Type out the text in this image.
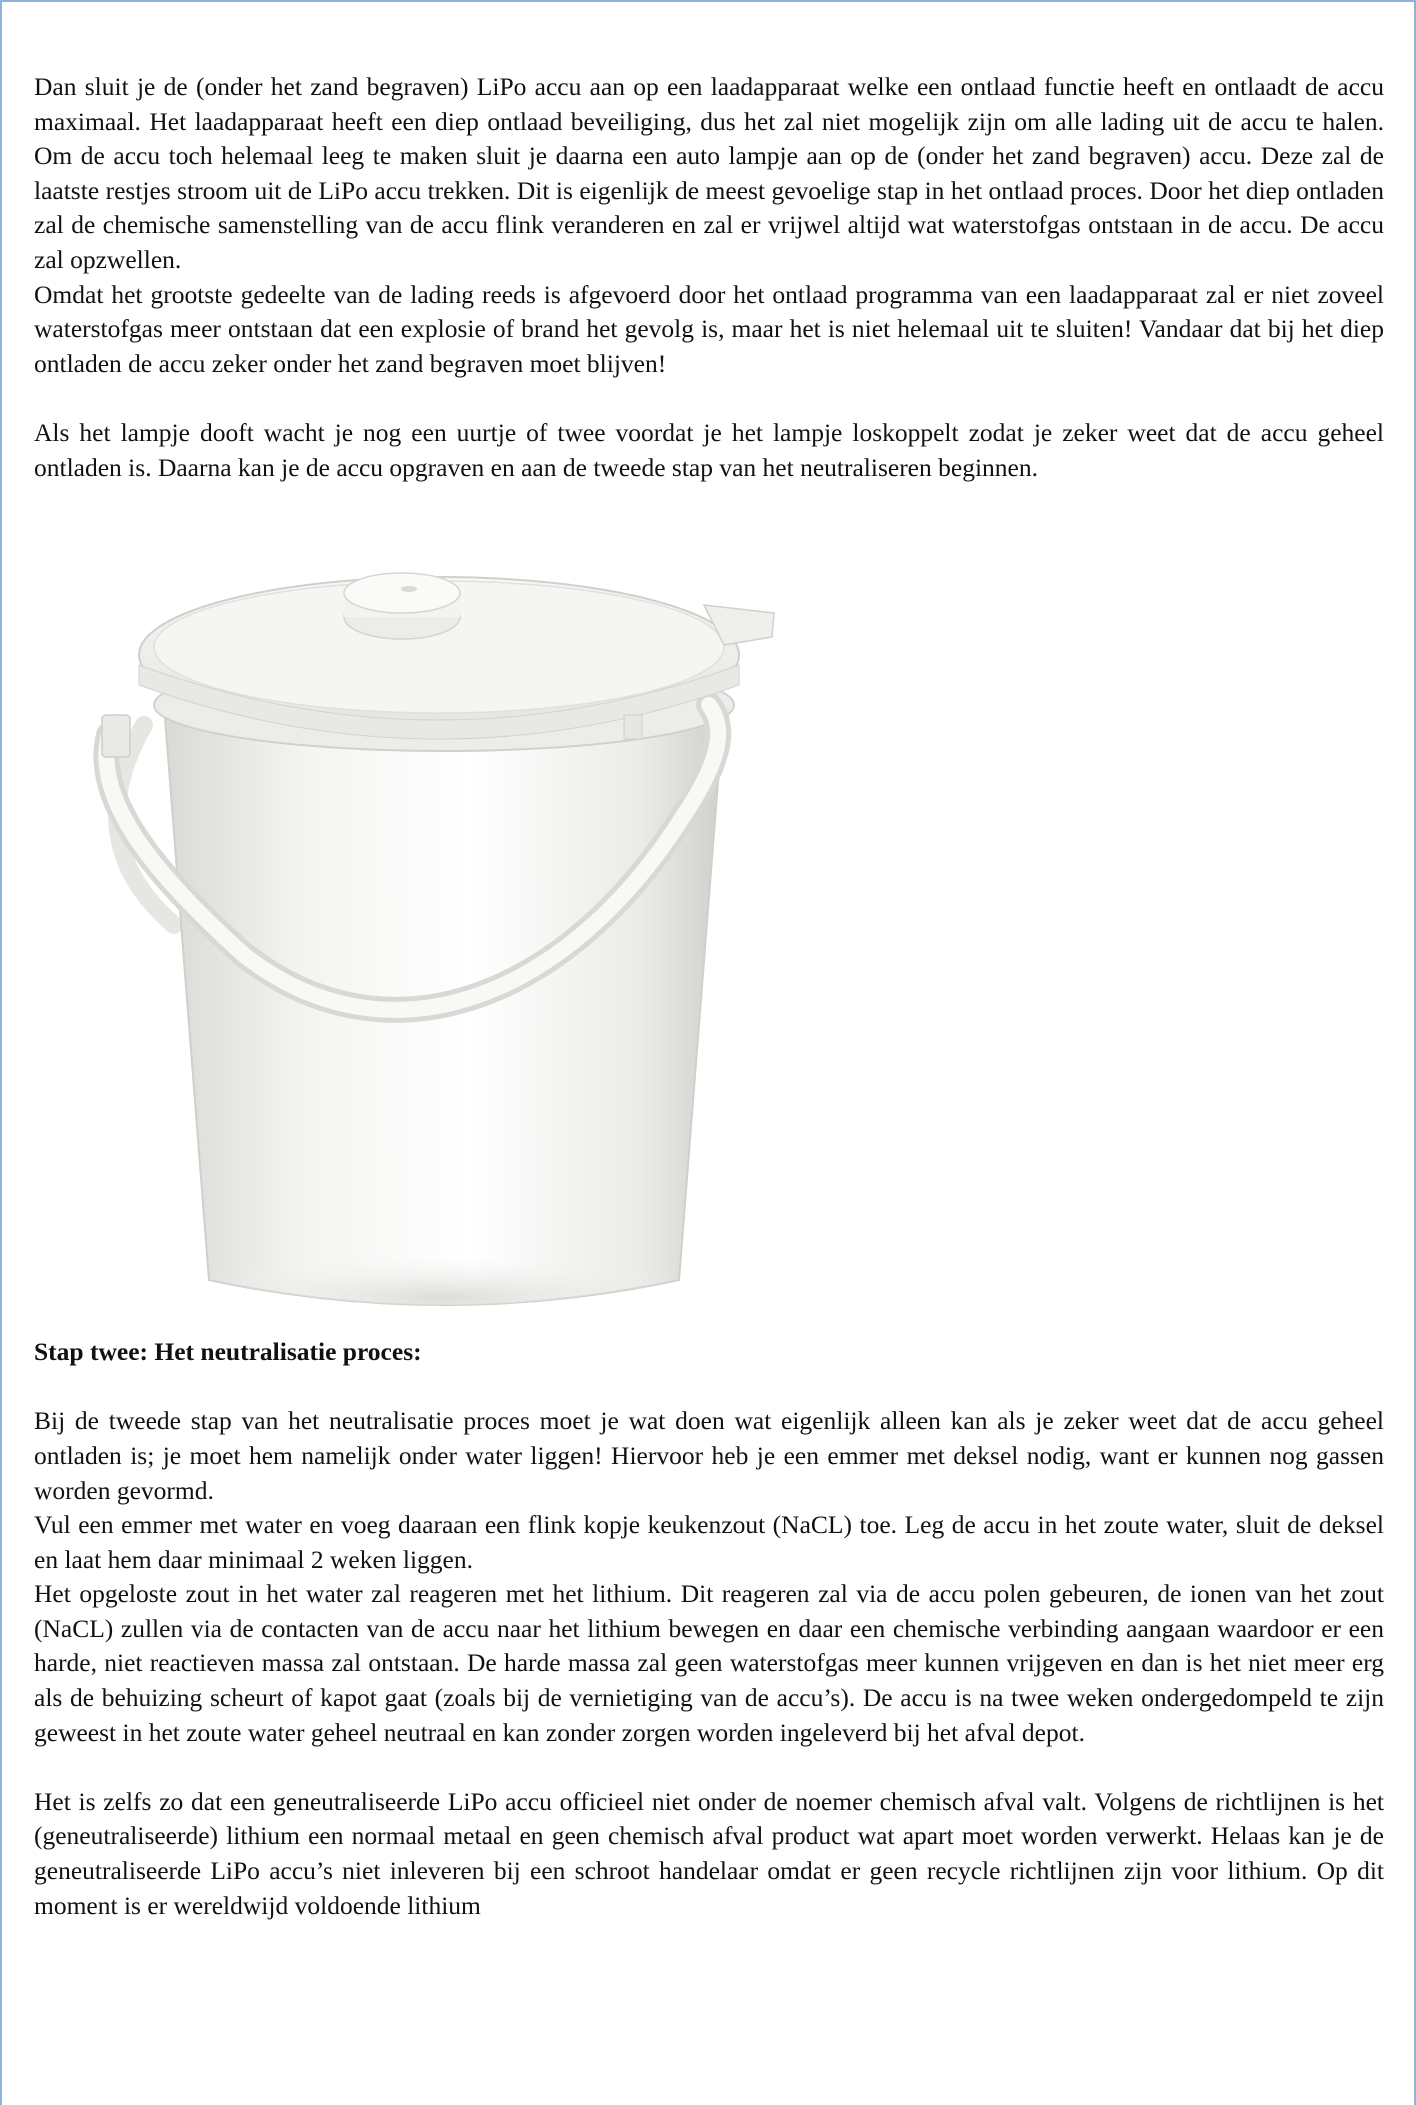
Dan sluit je de (onder het zand begraven) LiPo accu aan op een laadapparaat welke een ontlaad functie heeft en ontlaadt de accu maximaal. Het laadapparaat heeft een diep ontlaad beveiliging, dus het zal niet mogelijk zijn om alle lading uit de accu te halen. Om de accu toch helemaal leeg te maken sluit je daarna een auto lampje aan op de (onder het zand begraven) accu. Deze zal de laatste restjes stroom uit de LiPo accu trekken. Dit is eigenlijk de meest gevoelige stap in het ontlaad proces. Door het diep ontladen zal de chemische samenstelling van de accu flink veranderen en zal er vrijwel altijd wat waterstofgas ontstaan in de accu. De accu zal opzwellen.

Omdat het grootste gedeelte van de lading reeds is afgevoerd door het ontlaad programma van een laadapparaat zal er niet zoveel waterstofgas meer ontstaan dat een explosie of brand het gevolg is, maar het is niet helemaal uit te sluiten! Vandaar dat bij het diep ontladen de accu zeker onder het zand begraven moet blijven!

Als het lampje dooft wacht je nog een uurtje of twee voordat je het lampje loskoppelt zodat je zeker weet dat de accu geheel ontladen is. Daarna kan je de accu opgraven en aan de tweede stap van het neutraliseren beginnen.

Stap twee: Het neutralisatie proces:

Bij de tweede stap van het neutralisatie proces moet je wat doen wat eigenlijk alleen kan als je zeker weet dat de accu geheel ontladen is; je moet hem namelijk onder water liggen! Hiervoor heb je een emmer met deksel nodig, want er kunnen nog gassen worden gevormd.

Vul een emmer met water en voeg daaraan een flink kopje keukenzout (NaCL) toe. Leg de accu in het zoute water, sluit de deksel en laat hem daar minimaal 2 weken liggen.

Het opgeloste zout in het water zal reageren met het lithium. Dit reageren zal via de accu polen gebeuren, de ionen van het zout (NaCL) zullen via de contacten van de accu naar het lithium bewegen en daar een chemische verbinding aangaan waardoor er een harde, niet reactieven massa zal ontstaan. De harde massa zal geen waterstofgas meer kunnen vrijgeven en dan is het niet meer erg als de behuizing scheurt of kapot gaat (zoals bij de vernietiging van de accu’s). De accu is na twee weken ondergedompeld te zijn geweest in het zoute water geheel neutraal en kan zonder zorgen worden ingeleverd bij het afval depot.

Het is zelfs zo dat een geneutraliseerde LiPo accu officieel niet onder de noemer chemisch afval valt. Volgens de richtlijnen is het (geneutraliseerde) lithium een normaal metaal en geen chemisch afval product wat apart moet worden verwerkt. Helaas kan je de geneutraliseerde LiPo accu’s niet inleveren bij een schroot handelaar omdat er geen recycle richtlijnen zijn voor lithium. Op dit moment is er wereldwijd voldoende lithium
